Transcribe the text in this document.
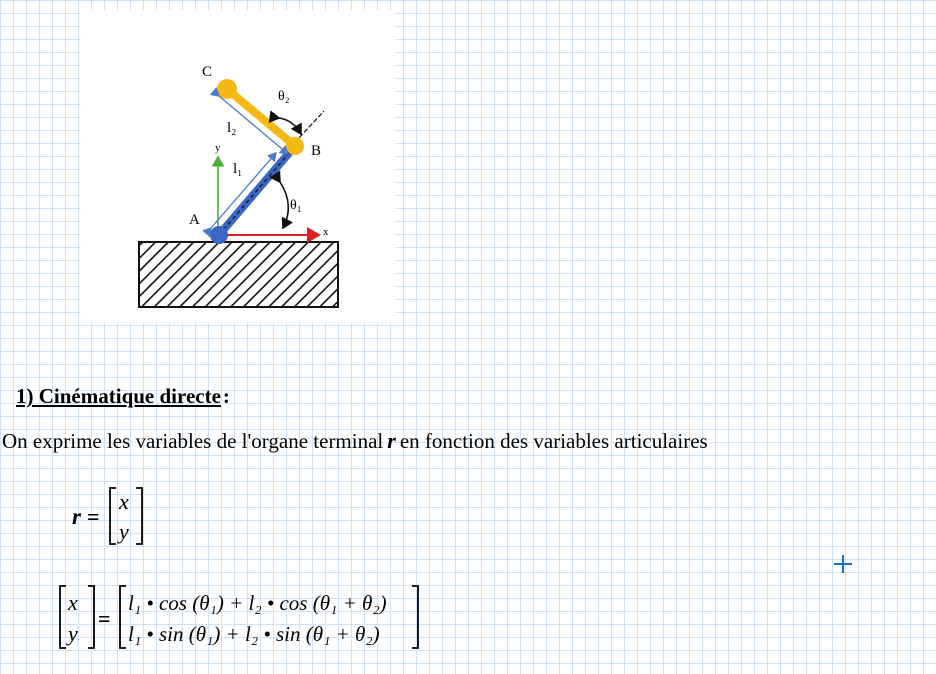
C
θ₂
l₂
B
y
l₁
θ₁
A
x
1) Cinématique directe:
On exprime les variables de l'organe terminal r en fonction des variables articulaires
r =
x
y
x
y
=
l₁ • cos (θ₁) + l₂ • cos (θ₁ + θ₂)
l₁ • sin (θ₁) + l₂ • sin (θ₁ + θ₂)
